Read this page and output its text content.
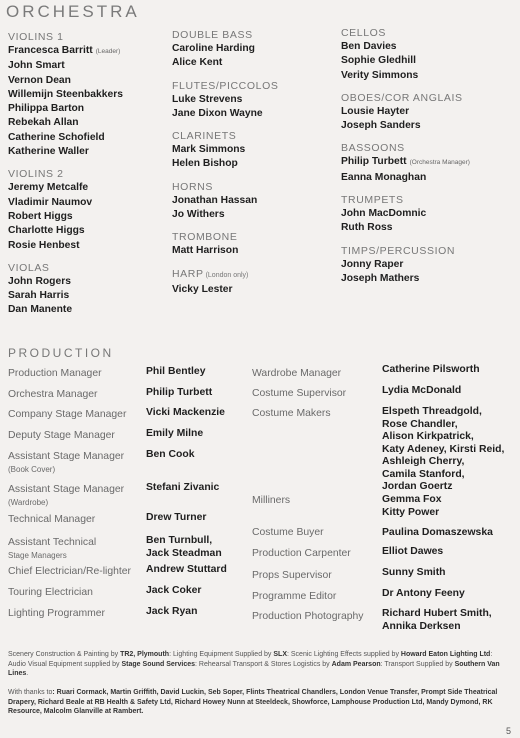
ORCHESTRA
VIOLINS 1
Francesca Barritt (Leader)
John Smart
Vernon Dean
Willemijn Steenbakkers
Philippa Barton
Rebekah Allan
Catherine Schofield
Katherine Waller
VIOLINS 2
Jeremy Metcalfe
Vladimir Naumov
Robert Higgs
Charlotte Higgs
Rosie Henbest
VIOLAS
John Rogers
Sarah Harris
Dan Manente
DOUBLE BASS
Caroline Harding
Alice Kent
FLUTES/PICCOLOS
Luke Strevens
Jane Dixon Wayne
CLARINETS
Mark Simmons
Helen Bishop
HORNS
Jonathan Hassan
Jo Withers
TROMBONE
Matt Harrison
HARP (London only)
Vicky Lester
CELLOS
Ben Davies
Sophie Gledhill
Verity Simmons
OBOES/COR ANGLAIS
Lousie Hayter
Joseph Sanders
BASSOONS
Philip Turbett (Orchestra Manager)
Eanna Monaghan
TRUMPETS
John MacDomnic
Ruth Ross
TIMPS/PERCUSSION
Jonny Raper
Joseph Mathers
PRODUCTION
Production Manager	Phil Bentley
Orchestra Manager	Philip Turbett
Company Stage Manager	Vicki Mackenzie
Deputy Stage Manager	Emily Milne
Assistant Stage Manager
(Book Cover)
Ben Cook
Assistant Stage Manager
(Wardrobe)
Stefani Zivanic
Technical Manager	Drew Turner
Assistant Technical
Stage Managers
Ben Turnbull,
Jack Steadman
Chief Electrician/Re-lighter	Andrew Stuttard
Touring Electrician	Jack Coker
Lighting Programmer	Jack Ryan
Wardrobe Manager	Catherine Pilsworth
Costume Supervisor	Lydia McDonald
Costume Makers	Elspeth Threadgold,
Rose Chandler,
Alison Kirkpatrick,
Katy Adeney, Kirsti Reid,
Ashleigh Cherry,
Camila Stanford,
Jordan Goertz
Milliners	Gemma Fox
Kitty Power
Costume Buyer	Paulina Domaszewska
Production Carpenter	Elliot Dawes
Props Supervisor	Sunny Smith
Programme Editor	Dr Antony Feeny
Production Photography	Richard Hubert Smith,
Annika Derksen
Scenery Construction & Painting by TR2, Plymouth: Lighting Equipment Supplied by SLX: Scenic Lighting Effects supplied by Howard Eaton Lighting Ltd: Audio Visual Equipment supplied by Stage Sound Services: Rehearsal Transport & Stores Logistics by Adam Pearson: Transport Supplied by Southern Van Lines.
With thanks to: Ruari Cormack, Martin Griffith, David Luckin, Seb Soper, Flints Theatrical Chandlers, London Venue Transfer, Prompt Side Theatrical Drapery, Richard Beale at RB Health & Safety Ltd, Richard Howey Nunn at Steeldeck, Showforce, Lamphouse Production Ltd, Mandy Dymond, RK Resource, Malcolm Glanville at Rambert.
5
